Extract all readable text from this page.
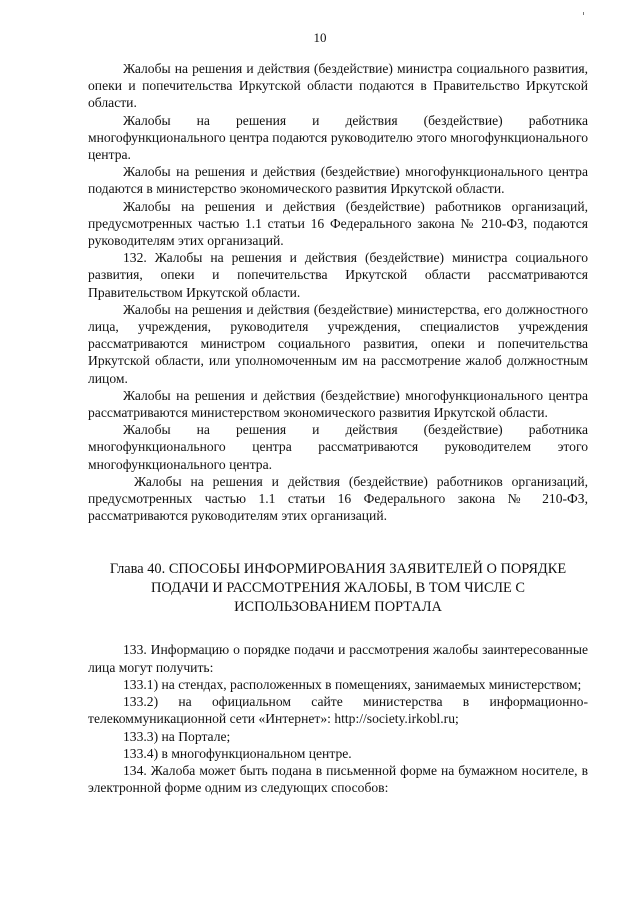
10

Жалобы на решения и действия (бездействие) министра социального развития, опеки и попечительства Иркутской области подаются в Правительство Иркутской области.

Жалобы на решения и действия (бездействие) работника многофункционального центра подаются руководителю этого многофункционального центра.

Жалобы на решения и действия (бездействие) многофункционального центра подаются в министерство экономического развития Иркутской области.

Жалобы на решения и действия (бездействие) работников организаций, предусмотренных частью 1.1 статьи 16 Федерального закона № 210-ФЗ, подаются руководителям этих организаций.

132. Жалобы на решения и действия (бездействие) министра социального развития, опеки и попечительства Иркутской области рассматриваются Правительством Иркутской области.

Жалобы на решения и действия (бездействие) министерства, его должностного лица, учреждения, руководителя учреждения, специалистов учреждения рассматриваются министром социального развития, опеки и попечительства Иркутской области, или уполномоченным им на рассмотрение жалоб должностным лицом.

Жалобы на решения и действия (бездействие) многофункционального центра рассматриваются министерством экономического развития Иркутской области.

Жалобы на решения и действия (бездействие) работника многофункционального центра рассматриваются руководителем этого многофункционального центра.

Жалобы на решения и действия (бездействие) работников организаций, предусмотренных частью 1.1 статьи 16 Федерального закона № 210-ФЗ, рассматриваются руководителям этих организаций.

Глава 40. СПОСОБЫ ИНФОРМИРОВАНИЯ ЗАЯВИТЕЛЕЙ О ПОРЯДКЕ ПОДАЧИ И РАССМОТРЕНИЯ ЖАЛОБЫ, В ТОМ ЧИСЛЕ С ИСПОЛЬЗОВАНИЕМ ПОРТАЛА

133. Информацию о порядке подачи и рассмотрения жалобы заинтересованные лица могут получить:

133.1) на стендах, расположенных в помещениях, занимаемых министерством;

133.2) на официальном сайте министерства в информационно-телекоммуникационной сети «Интернет»: http://society.irkobl.ru;

133.3) на Портале;

133.4) в многофункциональном центре.

134. Жалоба может быть подана в письменной форме на бумажном носителе, в электронной форме одним из следующих способов:
